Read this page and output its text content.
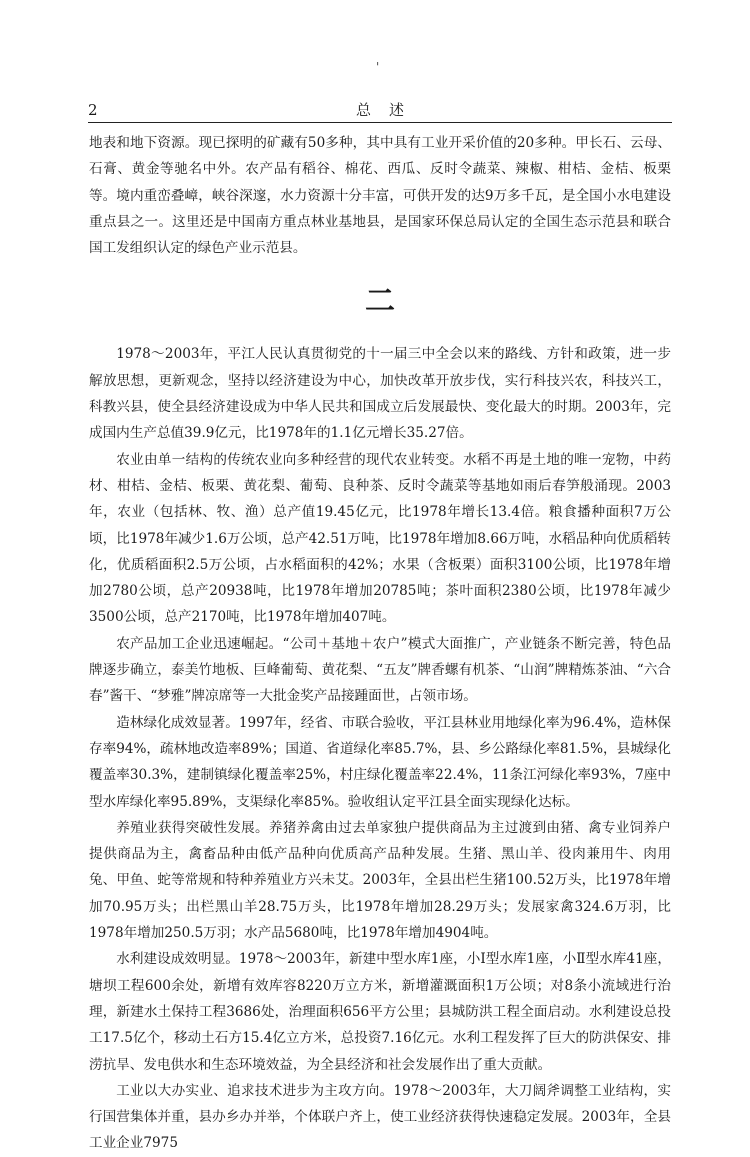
'
2	总述

地表和地下资源。现已探明的矿藏有50多种，其中具有工业开采价值的20多种。甲长石、云母、石膏、黄金等驰名中外。农产品有稻谷、棉花、西瓜、反时令蔬菜、辣椒、柑桔、金桔、板栗等。境内重峦叠嶂，峡谷深邃，水力资源十分丰富，可供开发的达9万多千瓦，是全国小水电建设重点县之一。这里还是中国南方重点林业基地县，是国家环保总局认定的全国生态示范县和联合国工发组织认定的绿色产业示范县。

二

1978～2003年，平江人民认真贯彻党的十一届三中全会以来的路线、方针和政策，进一步解放思想，更新观念，坚持以经济建设为中心，加快改革开放步伐，实行科技兴农，科技兴工，科教兴县，使全县经济建设成为中华人民共和国成立后发展最快、变化最大的时期。2003年，完成国内生产总值39.9亿元，比1978年的1.1亿元增长35.27倍。

农业由单一结构的传统农业向多种经营的现代农业转变。水稻不再是土地的唯一宠物，中药材、柑桔、金桔、板栗、黄花梨、葡萄、良种茶、反时令蔬菜等基地如雨后春笋般涌现。2003年，农业（包括林、牧、渔）总产值19.45亿元，比1978年增长13.4倍。粮食播种面积7万公顷，比1978年减少1.6万公顷，总产42.51万吨，比1978年增加8.66万吨，水稻品种向优质稻转化，优质稻面积2.5万公顷，占水稻面积的42%；水果（含板栗）面积3100公顷，比1978年增加2780公顷，总产20938吨，比1978年增加20785吨；茶叶面积2380公顷，比1978年减少3500公顷，总产2170吨，比1978年增加407吨。

农产品加工企业迅速崛起。“公司＋基地＋农户”模式大面推广，产业链条不断完善，特色品牌逐步确立，泰美竹地板、巨峰葡萄、黄花梨、“五友”牌香螺有机茶、“山润”牌精炼茶油、“六合春”酱干、“梦雅”牌凉席等一大批金奖产品接踵面世，占领市场。

造林绿化成效显著。1997年，经省、市联合验收，平江县林业用地绿化率为96.4%，造林保存率94%，疏林地改造率89%；国道、省道绿化率85.7%，县、乡公路绿化率81.5%，县城绿化覆盖率30.3%，建制镇绿化覆盖率25%，村庄绿化覆盖率22.4%，11条江河绿化率93%，7座中型水库绿化率95.89%，支渠绿化率85%。验收组认定平江县全面实现绿化达标。

养殖业获得突破性发展。养猪养禽由过去单家独户提供商品为主过渡到由猪、禽专业饲养户提供商品为主，禽畜品种由低产品种向优质高产品种发展。生猪、黑山羊、役肉兼用牛、肉用兔、甲鱼、蛇等常规和特种养殖业方兴未艾。2003年，全县出栏生猪100.52万头，比1978年增加70.95万头；出栏黑山羊28.75万头，比1978年增加28.29万头；发展家禽324.6万羽，比1978年增加250.5万羽；水产品5680吨，比1978年增加4904吨。

水利建设成效明显。1978～2003年，新建中型水库1座，小Ⅰ型水库1座，小Ⅱ型水库41座，塘坝工程600余处，新增有效库容8220万立方米，新增灌溉面积1万公顷；对8条小流域进行治理，新建水土保持工程3686处，治理面积656平方公里；县城防洪工程全面启动。水利建设总投工17.5亿个，移动土石方15.4亿立方米，总投资7.16亿元。水利工程发挥了巨大的防洪保安、排涝抗旱、发电供水和生态环境效益，为全县经济和社会发展作出了重大贡献。

工业以大办实业、追求技术进步为主攻方向。1978～2003年，大刀阔斧调整工业结构，实行国营集体并重，县办乡办并举，个体联户齐上，使工业经济获得快速稳定发展。2003年，全县工业企业7975
